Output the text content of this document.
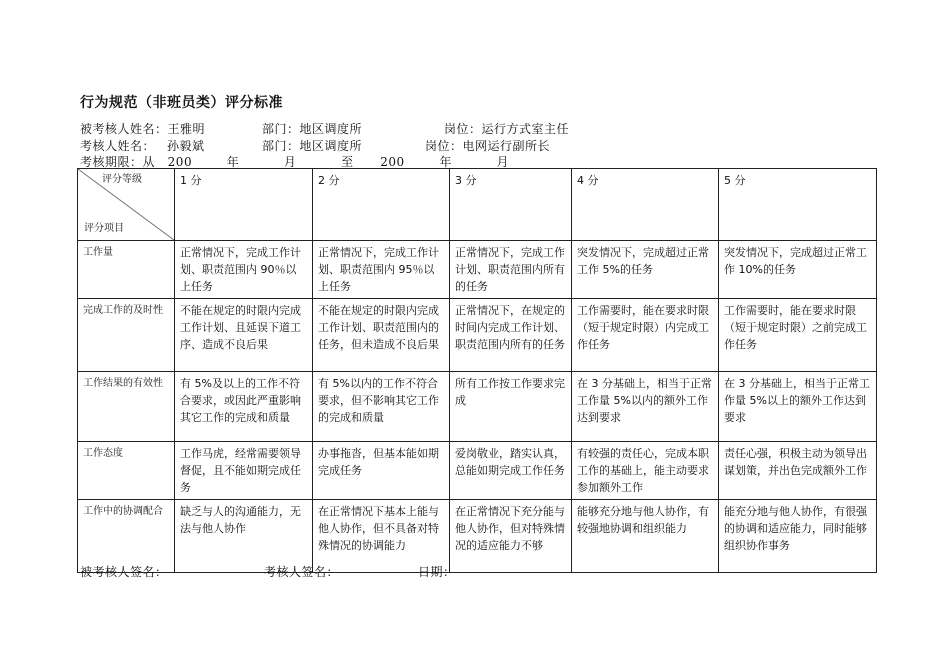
行为规范（非班员类）评分标准
被考核人姓名：王雅明	部门：地区调度所	岗位：运行方式室主任
考核人姓名： 孙毅斌	部门：地区调度所	岗位：电网运行副所长
考核期限：从 200	年	月	至 200	年	月
评分等级
评分项目	1 分	2 分	3 分	4 分	5 分
工作量	正常情况下，完成工作计划、职责范围内 90％以上任务	正常情况下，完成工作计划、职责范围内 95％以上任务	正常情况下，完成工作计划、职责范围内所有的任务	突发情况下，完成超过正常工作 5%的任务	突发情况下，完成超过正常工作 10%的任务
完成工作的及时性	不能在规定的时限内完成工作计划、且延误下道工序、造成不良后果	不能在规定的时限内完成工作计划、职责范围内的任务，但未造成不良后果	正常情况下，在规定的时间内完成工作计划、职责范围内所有的任务	工作需要时，能在要求时限（短于规定时限）内完成工作任务	工作需要时，能在要求时限（短于规定时限）之前完成工作任务
工作结果的有效性	有 5%及以上的工作不符合要求，或因此严重影响其它工作的完成和质量	有 5%以内的工作不符合要求，但不影响其它工作的完成和质量	所有工作按工作要求完成	在 3 分基础上，相当于正常工作量 5%以内的额外工作达到要求	在 3 分基础上，相当于正常工作量 5%以上的额外工作达到要求
工作态度	工作马虎，经常需要领导督促，且不能如期完成任务	办事拖沓，但基本能如期完成任务	爱岗敬业，踏实认真，总能如期完成工作任务	有较强的责任心，完成本职工作的基础上，能主动要求参加额外工作	责任心强，积极主动为领导出谋划策，并出色完成额外工作
工作中的协调配合	缺乏与人的沟通能力，无法与他人协作	在正常情况下基本上能与他人协作，但不具备对特殊情况的协调能力	在正常情况下充分能与他人协作，但对特殊情况的适应能力不够	能够充分地与他人协作，有较强地协调和组织能力	能充分地与他人协作，有很强的协调和适应能力，同时能够组织协作事务
被考核人签名：	考核人签名：	日期：
